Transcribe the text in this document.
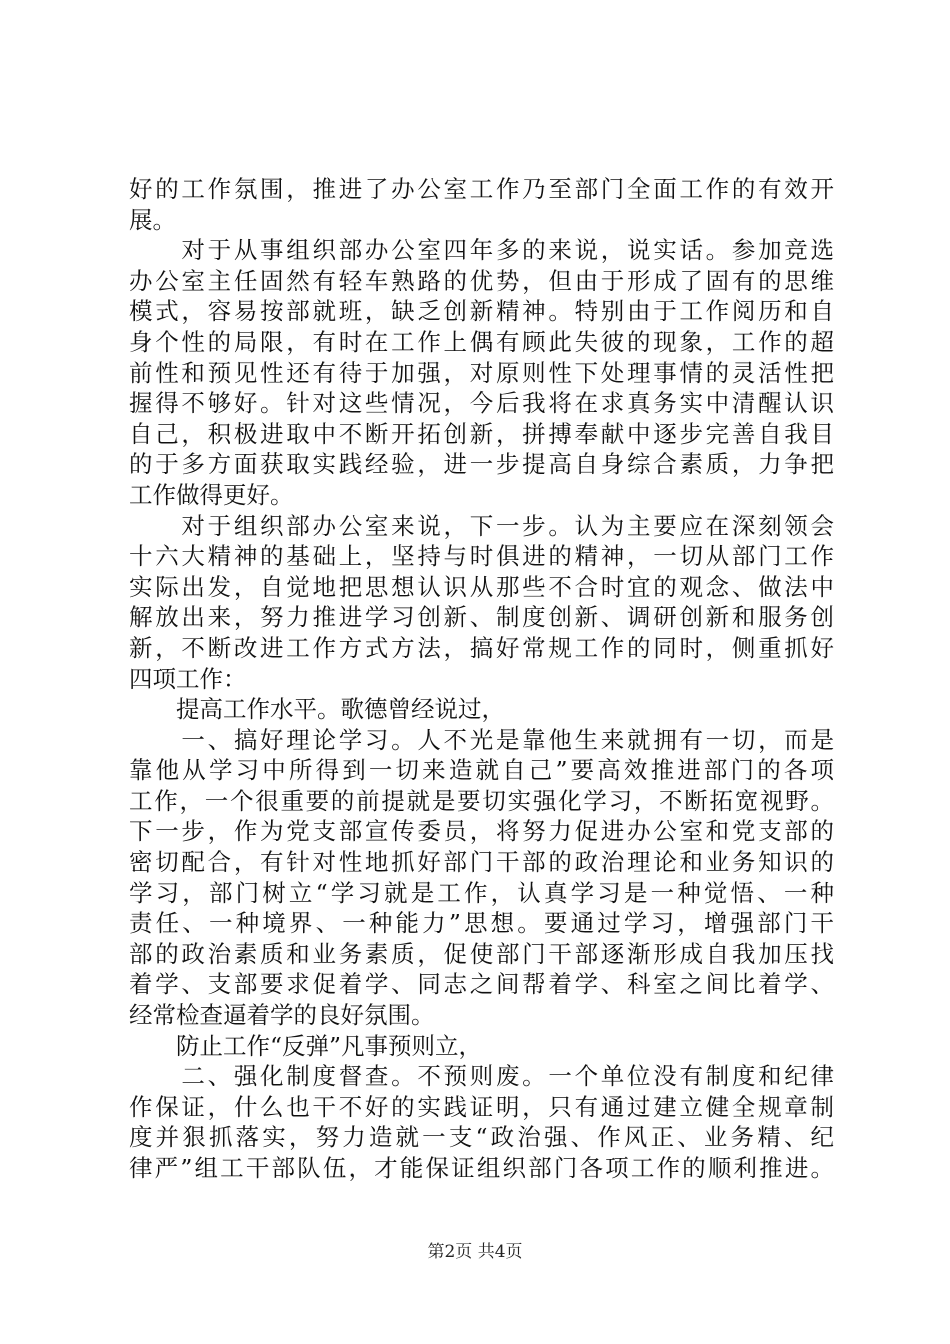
好的工作氛围，推进了办公室工作乃至部门全面工作的有效开
展。
　　对于从事组织部办公室四年多的来说，说实话。参加竞选
办公室主任固然有轻车熟路的优势，但由于形成了固有的思维
模式，容易按部就班，缺乏创新精神。特别由于工作阅历和自
身个性的局限，有时在工作上偶有顾此失彼的现象，工作的超
前性和预见性还有待于加强，对原则性下处理事情的灵活性把
握得不够好。针对这些情况，今后我将在求真务实中清醒认识
自己，积极进取中不断开拓创新，拼搏奉献中逐步完善自我目
的于多方面获取实践经验，进一步提高自身综合素质，力争把
工作做得更好。
　　对于组织部办公室来说，下一步。认为主要应在深刻领会
十六大精神的基础上，坚持与时俱进的精神，一切从部门工作
实际出发，自觉地把思想认识从那些不合时宜的观念、做法中
解放出来，努力推进学习创新、制度创新、调研创新和服务创
新，不断改进工作方式方法，搞好常规工作的同时，侧重抓好
四项工作：
　　提高工作水平。歌德曾经说过，
　　一、搞好理论学习。人不光是靠他生来就拥有一切，而是
靠他从学习中所得到一切来造就自己”要高效推进部门的各项
工作，一个很重要的前提就是要切实强化学习，不断拓宽视野。
下一步，作为党支部宣传委员，将努力促进办公室和党支部的
密切配合，有针对性地抓好部门干部的政治理论和业务知识的
学习，部门树立“学习就是工作，认真学习是一种觉悟、一种
责任、一种境界、一种能力”思想。要通过学习，增强部门干
部的政治素质和业务素质，促使部门干部逐渐形成自我加压找
着学、支部要求促着学、同志之间帮着学、科室之间比着学、
经常检查逼着学的良好氛围。
　　防止工作“反弹”凡事预则立，
　　二、强化制度督查。不预则废。一个单位没有制度和纪律
作保证，什么也干不好的实践证明，只有通过建立健全规章制
度并狠抓落实，努力造就一支“政治强、作风正、业务精、纪
律严”组工干部队伍，才能保证组织部门各项工作的顺利推进。
第2页 共4页
